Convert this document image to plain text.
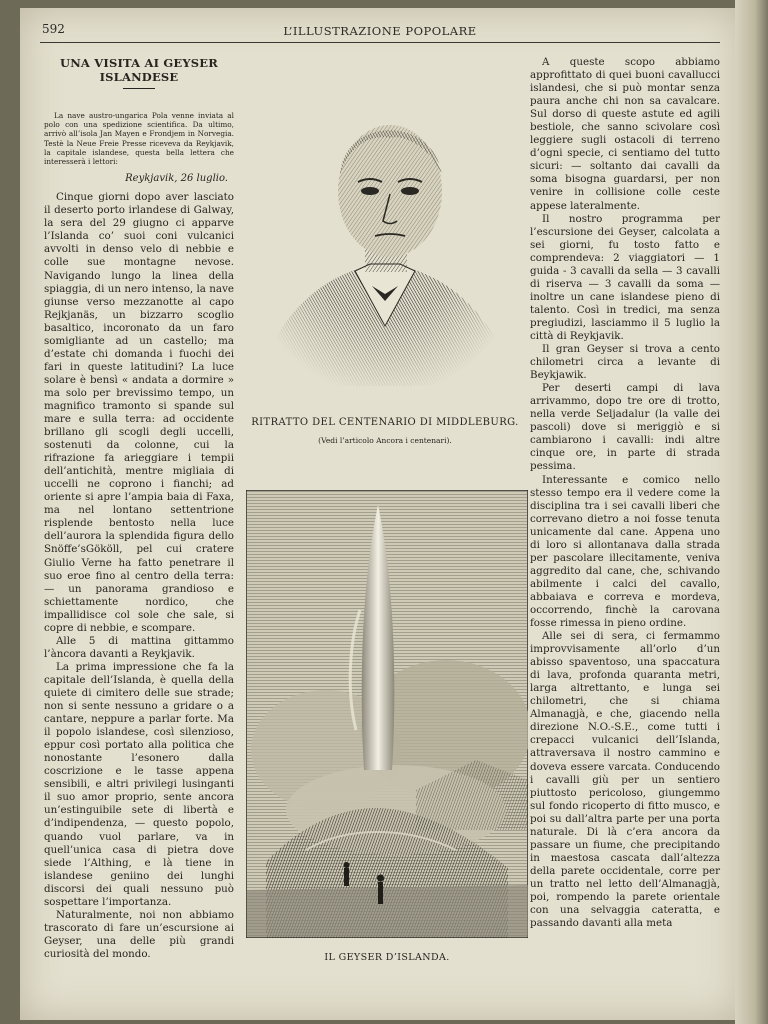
592	L’ILLUSTRAZIONE POPOLARE
UNA VISITA AI GEYSER ISLANDESE

La nave austro-ungarica Pola venne inviata al polo con una spedizione scientifica. Da ultimo, arrivò all’isola Jan Mayen e Frondjem in Norvegia. Testè la Neue Freie Presse riceveva da Reykjavik, la capitale islandese, questa bella lettera che interesserà i lettori:

Reykjavik, 26 luglio.

Cinque giorni dopo aver lasciato il deserto porto irlandese di Galway, la sera del 29 giugno ci apparve l’Islanda co’ suoi coni vulcanici avvolti in denso velo di nebbie e colle sue montagne nevose. Navigando lungo la linea della spiaggia, di un nero intenso, la nave giunse verso mezzanotte al capo Rejkjanäs, un bizzarro scoglio basaltico, incoronato da un faro somigliante ad un castello; ma d’estate chi domanda i fuochi dei fari in queste latitudini? La luce solare è bensì « andata a dormire » ma solo per brevissimo tempo, un magnifico tramonto si spande sul mare e sulla terra: ad occidente brillano gli scogli degli uccelli, sostenuti da colonne, cui la rifrazione fa arieggiare i tempii dell’antichità, mentre migliaia di uccelli ne coprono i fianchi; ad oriente si apre l’ampia baia di Faxa, ma nel lontano settentrione risplende bentosto nella luce dell’aurora la splendida figura dello Snöffe’sGököll, pel cui cratere Giulio Verne ha fatto penetrare il suo eroe fino al centro della terra: — un panorama grandioso e schiettamente nordico, che impallidisce col sole che sale, si copre di nebbie, e scompare.

Alle 5 di mattina gittammo l’àncora davanti a Reykjavik.

La prima impressione che fa la capitale dell’Islanda, è quella della quiete di cimitero delle sue strade; non si sente nessuno a gridare o a cantare, neppure a parlar forte. Ma il popolo islandese, così silenzioso, eppur così portato alla politica che nonostante l’esonero dalla coscrizione e le tasse appena sensibili, e altri privilegi lusinganti il suo amor proprio, sente ancora un’estinguibile sete di libertà e d’indipendenza, — questo popolo, quando vuol parlare, va in quell’unica casa di pietra dove siede l’Althing, e là tiene in islandese geniino dei lunghi discorsi dei quali nessuno può sospettare l’importanza.

Naturalmente, noi non abbiamo trascorato di fare un’escursione ai Geyser, una delle più grandi curiosità del mondo.

RITRATTO DEL CENTENARIO DI MIDDLEBURG.
(Vedi l’articolo Ancora i centenari).
IL GEYSER D’ISLANDA.

A queste scopo abbiamo approfittato di quei buoni cavallucci islandesi, che si può montar senza paura anche chi non sa cavalcare. Sul dorso di queste astute ed agili bestiole, che sanno scivolare così leggiere sugli ostacoli di terreno d’ogni specie, ci sentiamo del tutto sicuri: — soltanto dai cavalli da soma bisogna guardarsi, per non venire in collisione colle ceste appese lateralmente.

Il nostro programma per l’escursione dei Geyser, calcolata a sei giorni, fu tosto fatto e comprendeva: 2 viaggiatori — 1 guida - 3 cavalli da sella — 3 cavalli di riserva — 3 cavalli da soma — inoltre un cane islandese pieno di talento. Così in tredici, ma senza pregiudizi, lasciammo il 5 luglio la città di Reykjavik.

Il gran Geyser si trova a cento chilometri circa a levante di Beykjawik.

Per deserti campi di lava arrivammo, dopo tre ore di trotto, nella verde Seljadalur (la valle dei pascoli) dove si meriggiò e si cambiarono i cavalli: indi altre cinque ore, in parte di strada pessima.

Interessante e comico nello stesso tempo era il vedere come la disciplina tra i sei cavalli liberi che correvano dietro a noi fosse tenuta unicamente dal cane. Appena uno di loro si allontanava dalla strada per pascolare illecitamente, veniva aggredito dal cane, che, schivando abilmente i calci del cavallo, abbaiava e correva e mordeva, occorrendo, finchè la carovana fosse rimessa in pieno ordine.

Alle sei di sera, ci fermammo improvvisamente all’orlo d’un abisso spaventoso, una spaccatura di lava, profonda quaranta metri, larga altrettanto, e lunga sei chilometri, che si chiama Almanagjà, e che, giacendo nella direzione N.O.-S.E., come tutti i crepacci vulcanici dell’Islanda, attraversava il nostro cammino e doveva essere varcata. Conducendo i cavalli giù per un sentiero piuttosto pericoloso, giungemmo sul fondo ricoperto di fitto musco, e poi su dall’altra parte per una porta naturale. Di là c’era ancora da passare un fiume, che precipitando in maestosa cascata dall’altezza della parete occidentale, corre per un tratto nel letto dell’Almanagjà, poi, rompendo la parete orientale con una selvaggia cateratta, e passando davanti alla meta
